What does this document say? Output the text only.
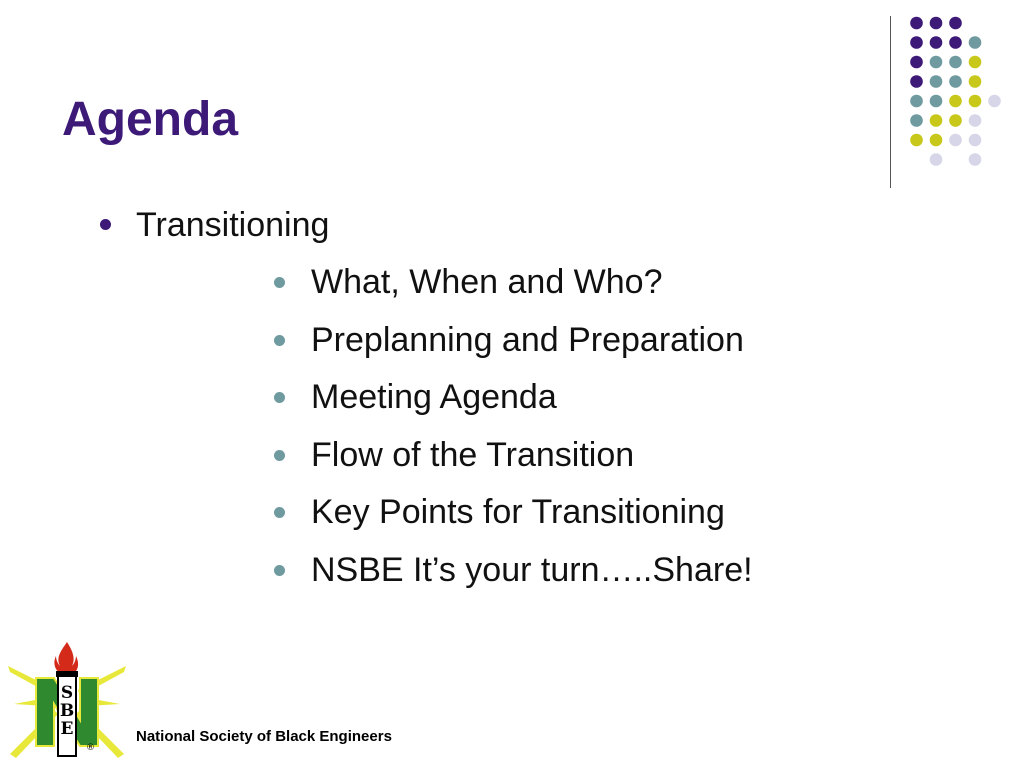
Agenda
Transitioning
What, When and Who?
Preplanning and Preparation
Meeting Agenda
Flow of the Transition
Key Points for Transitioning
NSBE It’s your turn…..Share!
S
B
E
®
National Society of Black Engineers
